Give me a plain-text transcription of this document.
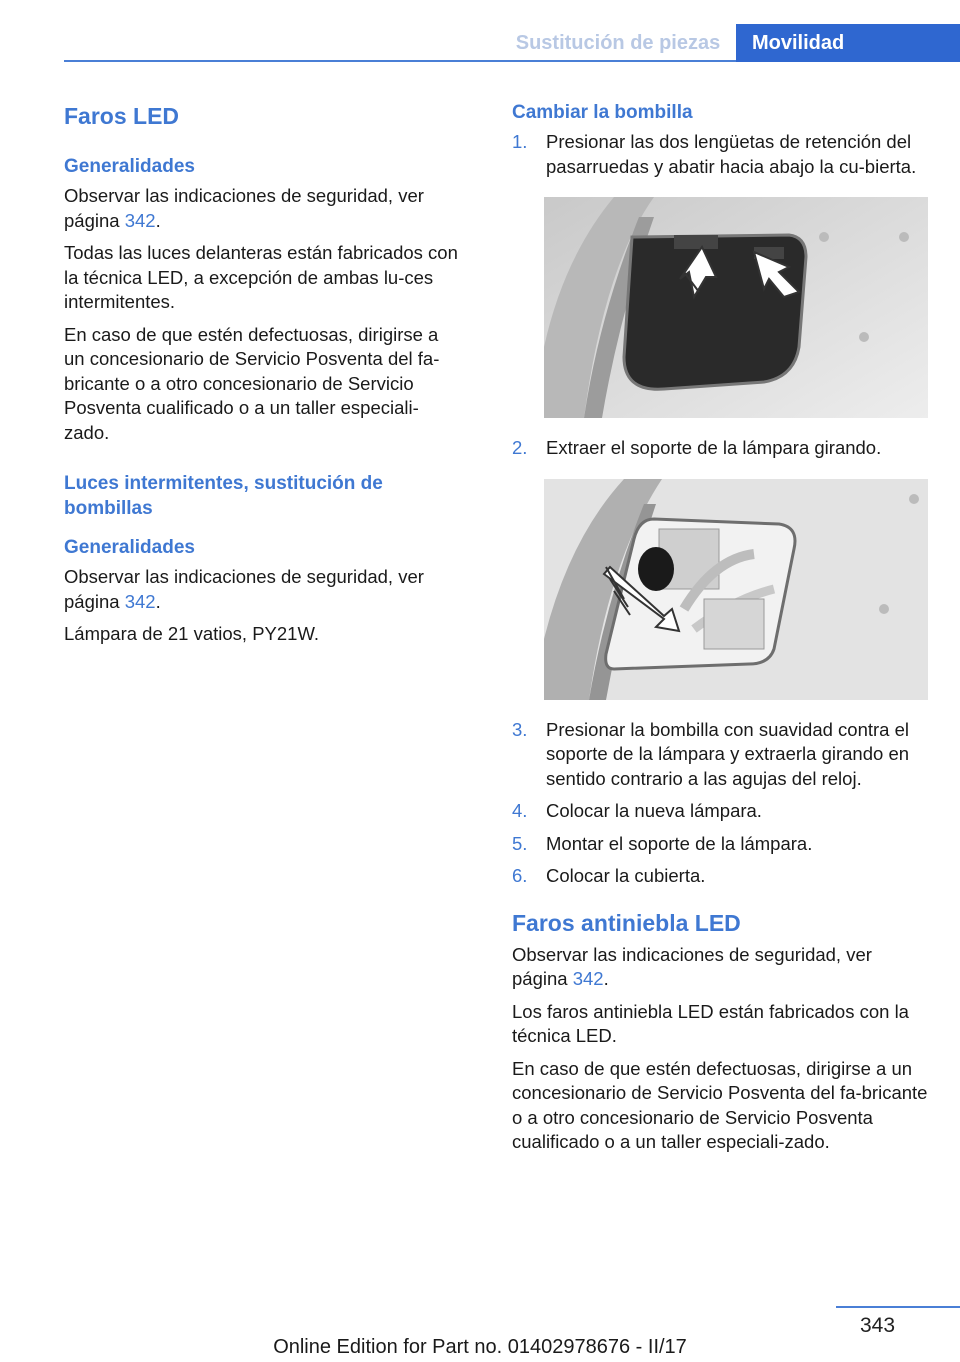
Sustitución de piezas	Movilidad
Faros LED
Generalidades

Observar las indicaciones de seguridad, ver página 342.

Todas las luces delanteras están fabricados con la técnica LED, a excepción de ambas lu-ces intermitentes.

En caso de que estén defectuosas, dirigirse a un concesionario de Servicio Posventa del fa-bricante o a otro concesionario de Servicio Posventa cualificado o a un taller especiali-zado.

Luces intermitentes, sustitución de bombillas
Generalidades

Observar las indicaciones de seguridad, ver página 342.

Lámpara de 21 vatios, PY21W.

Cambiar la bombilla
1.	Presionar las dos lengüetas de retención del pasarruedas y abatir hacia abajo la cu-bierta.
2.	Extraer el soporte de la lámpara girando.
3.	Presionar la bombilla con suavidad contra el soporte de la lámpara y extraerla girando en sentido contrario a las agujas del reloj.
4.	Colocar la nueva lámpara.
5.	Montar el soporte de la lámpara.
6.	Colocar la cubierta.
Faros antiniebla LED

Observar las indicaciones de seguridad, ver página 342.

Los faros antiniebla LED están fabricados con la técnica LED.

En caso de que estén defectuosas, dirigirse a un concesionario de Servicio Posventa del fa-bricante o a otro concesionario de Servicio Posventa cualificado o a un taller especiali-zado.

343
Online Edition for Part no. 01402978676 - II/17
